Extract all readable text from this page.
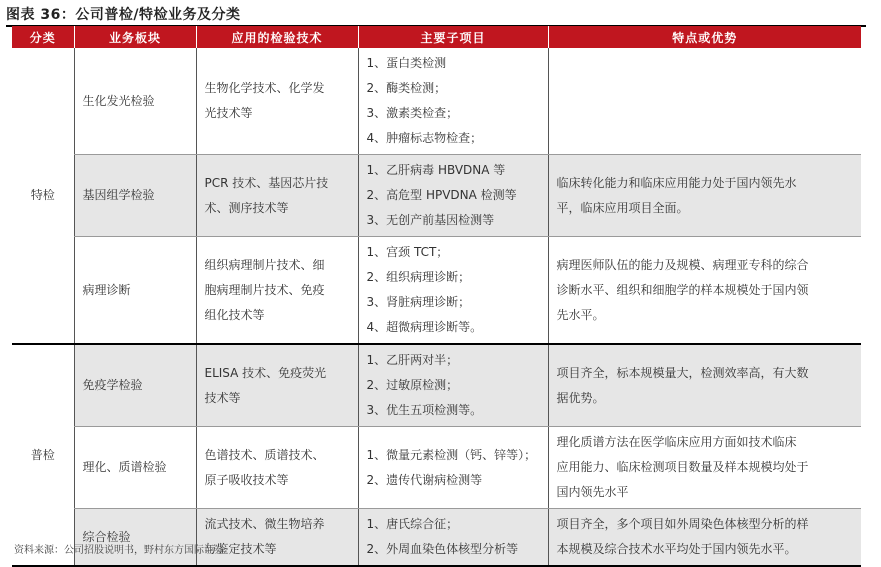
图表 36：公司普检/特检业务及分类
分类	业务板块	应用的检验技术	主要子项目	特点或优势
特检	生化发光检验	生物化学技术、化学发
光技术等	1、蛋白类检测
2、酶类检测；
3、激素类检查；
4、肿瘤标志物检查；	

	基因组学检验	PCR 技术、基因芯片技
术、测序技术等	1、乙肝病毒 HBVDNA 等
2、高危型 HPVDNA 检测等
3、无创产前基因检测等	临床转化能力和临床应用能力处于国内领先水
平，临床应用项目全面。

	病理诊断	组织病理制片技术、细
胞病理制片技术、免疫
组化技术等	1、宫颈 TCT；
2、组织病理诊断；
3、肾脏病理诊断；
4、超微病理诊断等。	病理医师队伍的能力及规模、病理亚专科的综合
诊断水平、组织和细胞学的样本规模处于国内领
先水平。

普检	免疫学检验	ELISA 技术、免疫荧光
技术等	1、乙肝两对半；
2、过敏原检测；
3、优生五项检测等。	项目齐全，标本规模量大，检测效率高，有大数
据优势。

	理化、质谱检验	色谱技术、质谱技术、
原子吸收技术等	1、微量元素检测（钙、锌等）；
2、遗传代谢病检测等	理化质谱方法在医学临床应用方面如技术临床
应用能力、临床检测项目数量及样本规模均处于
国内领先水平

	综合检验	流式技术、微生物培养
与鉴定技术等	1、唐氏综合征；
2、外周血染色体核型分析等	项目齐全，多个项目如外周染色体核型分析的样
本规模及综合技术水平均处于国内领先水平。
资料来源：公司招股说明书，野村东方国际证券
